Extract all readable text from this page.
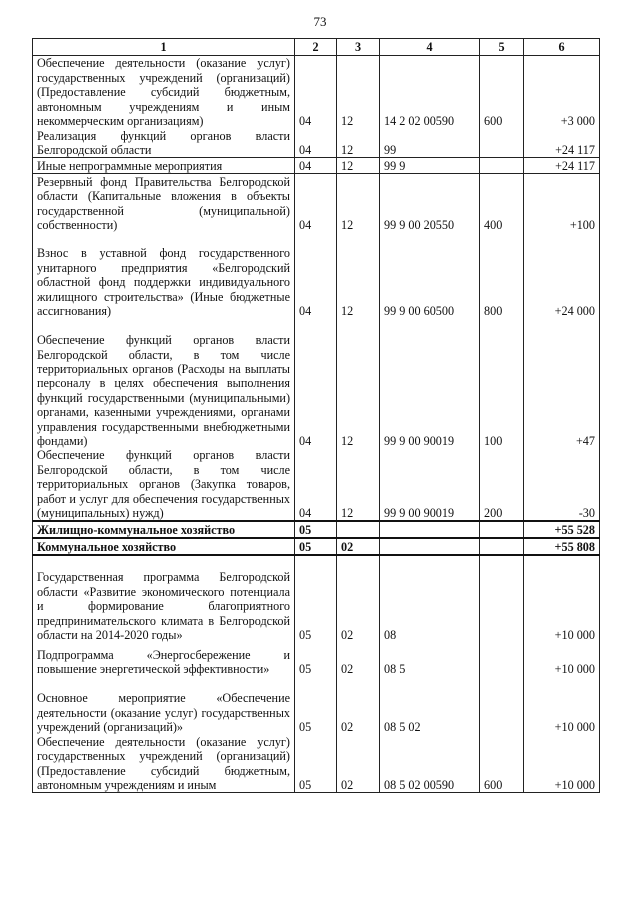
73
1	2	3	4	5	6
Обеспечение деятельности (оказание услуг) государственных учреждений (организаций) (Предоставление субсидий бюджетным, автономным учреждениям и иным некоммерческим организациям)	04	12	14 2 02 00590	600	+3 000
Реализация функций органов власти Белгородской области	04	12	99		+24 117
Иные непрограммные мероприятия	04	12	99 9		+24 117
Резервный фонд Правительства Белгородской области (Капитальные вложения в объекты государственной (муниципальной) собственности)	04	12	99 9 00 20550	400	+100
Взнос в уставной фонд государственного унитарного предприятия «Белгородский областной фонд поддержки индивидуального жилищного строительства» (Иные бюджетные ассигнования)	04	12	99 9 00 60500	800	+24 000
Обеспечение функций органов власти Белгородской области, в том числе территориальных органов (Расходы на выплаты персоналу в целях обеспечения выполнения функций государственными (муниципальными) органами, казенными учреждениями, органами управления государственными внебюджетными фондами)	04	12	99 9 00 90019	100	+47
Обеспечение функций органов власти Белгородской области, в том числе территориальных органов (Закупка товаров, работ и услуг для обеспечения государственных (муниципальных) нужд)	04	12	99 9 00 90019	200	-30
Жилищно-коммунальное хозяйство	05				+55 528
Коммунальное хозяйство	05	02			+55 808
Государственная программа Белгородской области «Развитие экономического потенциала и формирование благоприятного предпринимательского климата в Белгородской области на 2014-2020 годы»	05	02	08		+10 000
Подпрограмма «Энергосбережение и повышение энергетической эффективности»	05	02	08 5		+10 000
Основное мероприятие «Обеспечение деятельности (оказание услуг) государственных учреждений (организаций)»	05	02	08 5 02		+10 000
Обеспечение деятельности (оказание услуг) государственных учреждений (организаций) (Предоставление субсидий бюджетным, автономным учреждениям и иным	05	02	08 5 02 00590	600	+10 000
